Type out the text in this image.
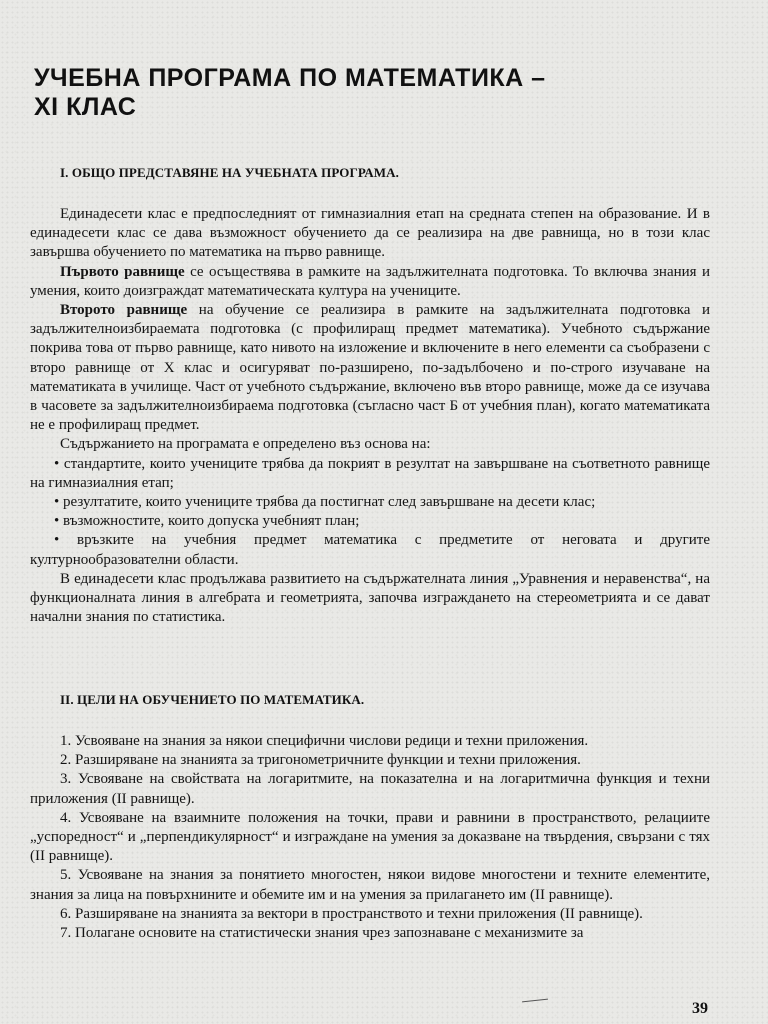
УЧЕБНА ПРОГРАМА ПО МАТЕМАТИКА –
XI КЛАС
I. ОБЩО ПРЕДСТАВЯНЕ НА УЧЕБНАТА ПРОГРАМА.

Единадесети клас е предпоследният от гимназиалния етап на средната степен на образование. И в единадесети клас се дава възможност обучението да се реализира на две равнища, но в този клас завършва обучението по математика на първо равнище.

Първото равнище се осъществява в рамките на задължителната подготовка. То включва знания и умения, които доизграждат математическата култура на учениците.

Второто равнище на обучение се реализира в рамките на задължителната подготовка и задължителноизбираемата подготовка (с профилиращ предмет математика). Учебното съдържание покрива това от първо равнище, като нивото на изложение и включените в него елементи са съобразени с второ равнище от X клас и осигуряват по-разширено, по-задълбочено и по-строго изучаване на математиката в училище. Част от учебното съдържание, включено във второ равнище, може да се изучава в часовете за задължителноизбираема подготовка (съгласно част Б от учебния план), когато математиката не е профилиращ предмет.

Съдържанието на програмата е определено въз основа на:

• стандартите, които учениците трябва да покрият в резултат на завършване на съответното равнище на гимназиалния етап;

• резултатите, които учениците трябва да постигнат след завършване на десети клас;

• възможностите, които допуска учебният план;

• връзките на учебния предмет математика с предметите от неговата и другите културнообразователни области.

В единадесети клас продължава развитието на съдържателната линия „Уравнения и неравенства“, на функционалната линия в алгебрата и геометрията, започва изграждането на стереометрията и се дават начални знания по статистика.

II. ЦЕЛИ НА ОБУЧЕНИЕТО ПО МАТЕМАТИКА.

1. Усвояване на знания за някои специфични числови редици и техни приложения.

2. Разширяване на знанията за тригонометричните функции и техни приложения.

3. Усвояване на свойствата на логаритмите, на показателна и на логаритмична функция и техни приложения (II равнище).

4. Усвояване на взаимните положения на точки, прави и равнини в пространството, релациите „успоредност“ и „перпендикулярност“ и изграждане на умения за доказване на твърдения, свързани с тях (II равнище).

5. Усвояване на знания за понятието многостен, някои видове многостени и техните елементите, знания за лица на повърхнините и обемите им и на умения за прилагането им (II равнище).

6. Разширяване на знанията за вектори в пространството и техни приложения (II равнище).

7. Полагане основите на статистически знания чрез запознаване с механизмите за

39
